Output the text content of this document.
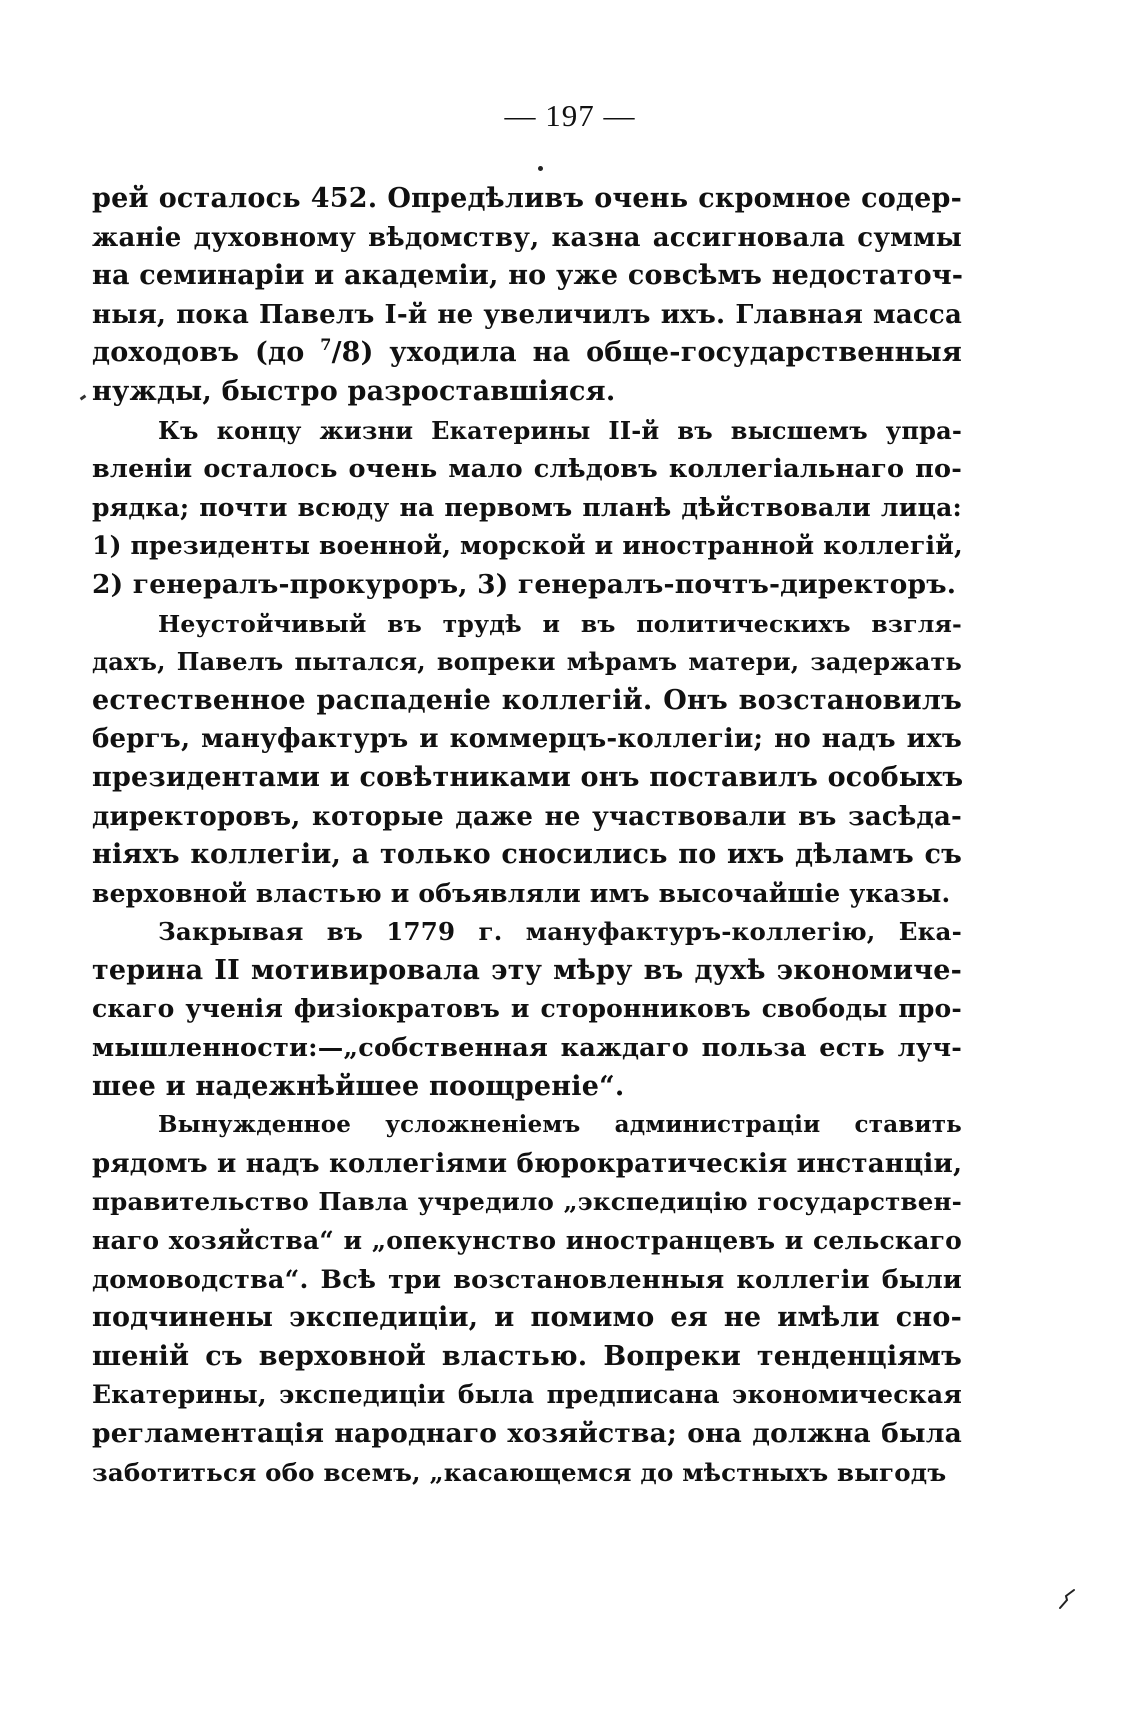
— 197 —
рей осталось 452. Опредѣливъ очень скромное содер-
жаніе духовному вѣдомству, казна ассигновала суммы
на семинаріи и академіи, но уже совсѣмъ недостаточ-
ныя, пока Павелъ І-й не увеличилъ ихъ. Главная масса
доходовъ (до $^7$/8) уходила на обще-государственныя
нужды, быстро разроставшіяся.
Къ концу жизни Екатерины ІІ-й въ высшемъ упра-
вленіи осталось очень мало слѣдовъ коллегіальнаго по-
рядка; почти всюду на первомъ планѣ дѣйствовали лица:
1) президенты военной, морской и иностранной коллегій,
2) генералъ-прокуроръ, 3) генералъ-почтъ-директоръ.
Неустойчивый въ трудѣ и въ политическихъ взгля-
дахъ, Павелъ пытался, вопреки мѣрамъ матери, задержать
естественное распаденіе коллегій. Онъ возстановилъ
бергъ, мануфактуръ и коммерцъ-коллегіи; но надъ ихъ
президентами и совѣтниками онъ поставилъ особыхъ
директоровъ, которые даже не участвовали въ засѣда-
ніяхъ коллегіи, а только сносились по ихъ дѣламъ съ
верховной властью и объявляли имъ высочайшіе указы.
Закрывая въ 1779 г. мануфактуръ-коллегію, Ека-
терина ІІ мотивировала эту мѣру въ духѣ экономиче-
скаго ученія физіократовъ и сторонниковъ свободы про-
мышленности:—„собственная каждаго польза есть луч-
шее и надежнѣйшее поощреніе“.
Вынужденное усложненіемъ администраціи ставить
рядомъ и надъ коллегіями бюрократическія инстанціи,
правительство Павла учредило „экспедицію государствен-
наго хозяйства“ и „опекунство иностранцевъ и сельскаго
домоводства“. Всѣ три возстановленныя коллегіи были
подчинены экспедиціи, и помимо ея не имѣли сно-
шеній съ верховной властью. Вопреки тенденціямъ
Екатерины, экспедиціи была предписана экономическая
регламентація народнаго хозяйства; она должна была
заботиться обо всемъ, „касающемся до мѣстныхъ выгодъ
